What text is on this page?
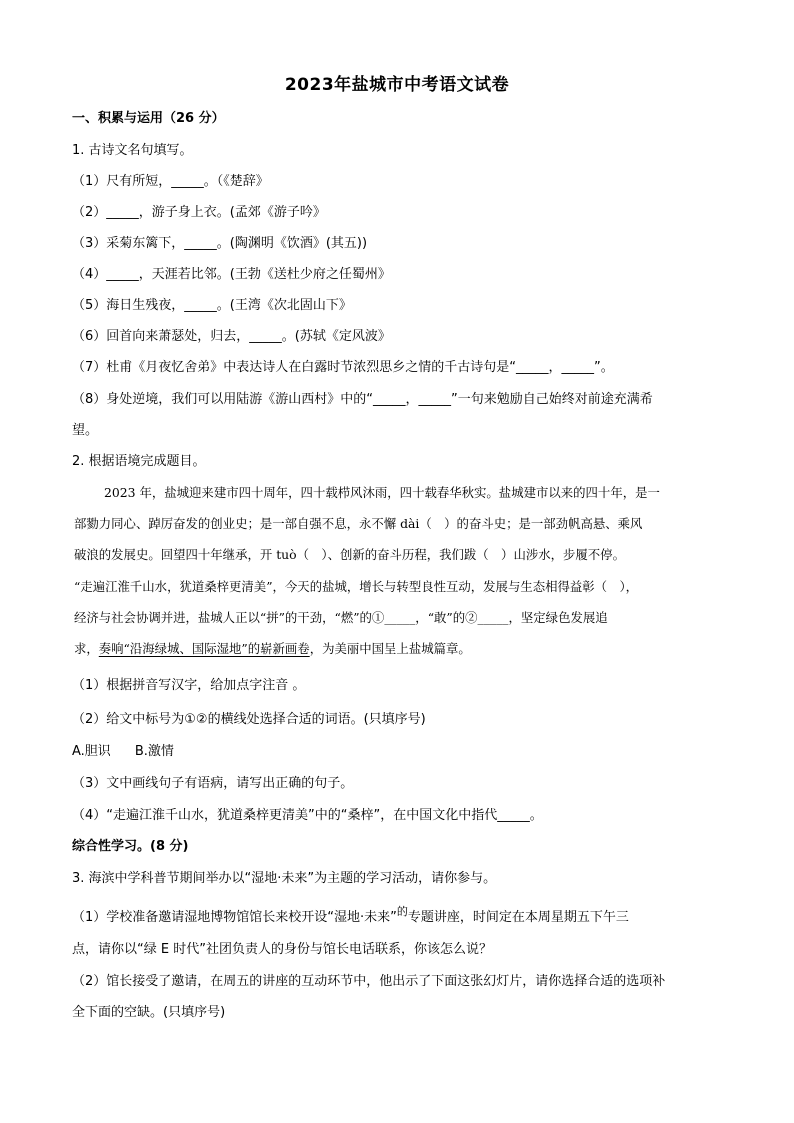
2023年盐城市中考语文试卷
一、积累与运用（26 分）
1. 古诗文名句填写。
（1）尺有所短，_____。（《楚辞》
（2）_____，游子身上衣。(孟郊《游子吟》
（3）采菊东篱下，_____。(陶渊明《饮酒》(其五))
（4）_____，天涯若比邻。(王勃《送杜少府之任蜀州》
（5）海日生残夜，_____。(王湾《次北固山下》
（6）回首向来萧瑟处，归去，_____。(苏轼《定风波》
（7）杜甫《月夜忆舍弟》中表达诗人在白露时节浓烈思乡之情的千古诗句是“_____，_____”。
（8）身处逆境，我们可以用陆游《游山西村》中的“_____，_____”一句来勉励自己始终对前途充满希
望。
2. 根据语境完成题目。
2023 年，盐城迎来建市四十周年，四十载栉风沐雨，四十载春华秋实。盐城建市以来的四十年，是一
部勠力同心、踔厉奋发的创业史；是一部自强不息，永不懈 dài（　）的奋斗史；是一部劲帆高悬、乘风
破浪的发展史。回望四十年继承，开 tuò（　）、创新的奋斗历程，我们跋（　）山涉水，步履不停。
“走遍江淮千山水，犹道桑梓更清美”，今天的盐城，增长与转型良性互动，发展与生态相得益彰（　），
经济与社会协调并进，盐城人正以“拼”的干劲，“燃”的①_____，“敢”的②_____，坚定绿色发展追
求，奏响“沿海绿城、国际湿地”的崭新画卷，为美丽中国呈上盐城篇章。
（1）根据拼音写汉字，给加点字注音 。
（2）给文中标号为①②的横线处选择合适的词语。(只填序号)
A.胆识 B.激情
（3）文中画线句子有语病，请写出正确的句子。
（4）“走遍江淮千山水，犹道桑梓更清美”中的“桑梓”，在中国文化中指代_____。
综合性学习。(8 分)
3. 海滨中学科普节期间举办以“湿地·未来”为主题的学习活动，请你参与。
（1）学校准备邀请湿地博物馆馆长来校开设“湿地·未来”$^的$专题讲座，时间定在本周星期五下午三
点，请你以“绿 E 时代”社团负责人的身份与馆长电话联系，你该怎么说？
（2）馆长接受了邀请，在周五的讲座的互动环节中，他出示了下面这张幻灯片，请你选择合适的选项补
全下面的空缺。(只填序号)
